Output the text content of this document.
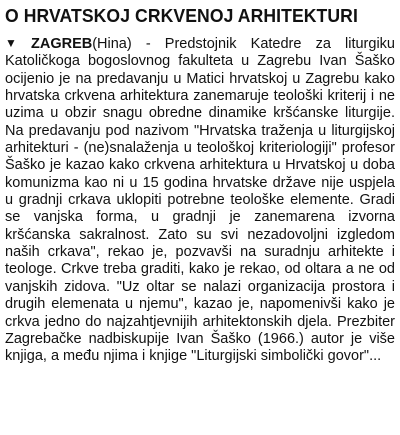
O HRVATSKOJ CRKVENOJ ARHITEKTURI

▼ ZAGREB(Hina) - Predstojnik Katedre za liturgiku Katoličkoga bogoslovnog fakulteta u Zagrebu Ivan Šaško ocijenio je na predavanju u Matici hrvatskoj u Zagrebu kako hrvatska crkvena arhitektura zanemaruje teološki kriterij i ne uzima u obzir snagu obredne dinamike kršćanske liturgije. Na predavanju pod nazivom "Hrvatska traženja u liturgijskoj arhitekturi - (ne)snalaženja u teološkoj kriteriologiji" profesor Šaško je kazao kako crkvena arhitektura u Hrvatskoj u doba komunizma kao ni u 15 godina hrvatske države nije uspjela u gradnji crkava uklopiti potrebne teološke elemente. Gradi se vanjska forma, u gradnji je zanemarena izvorna kršćanska sakralnost. Zato su svi nezadovoljni izgledom naših crkava", rekao je, pozvavši na suradnju arhitekte i teologe. Crkve treba graditi, kako je rekao, od oltara a ne od vanjskih zidova. "Uz oltar se nalazi organizacija prostora i drugih elemenata u njemu", kazao je, napomenivši kako je crkva jedno do najzahtjevnijih arhitektonskih djela. Prezbiter Zagrebačke nadbiskupije Ivan Šaško (1966.) autor je više knjiga, a među njima i knjige "Liturgijski simbolički govor"...
